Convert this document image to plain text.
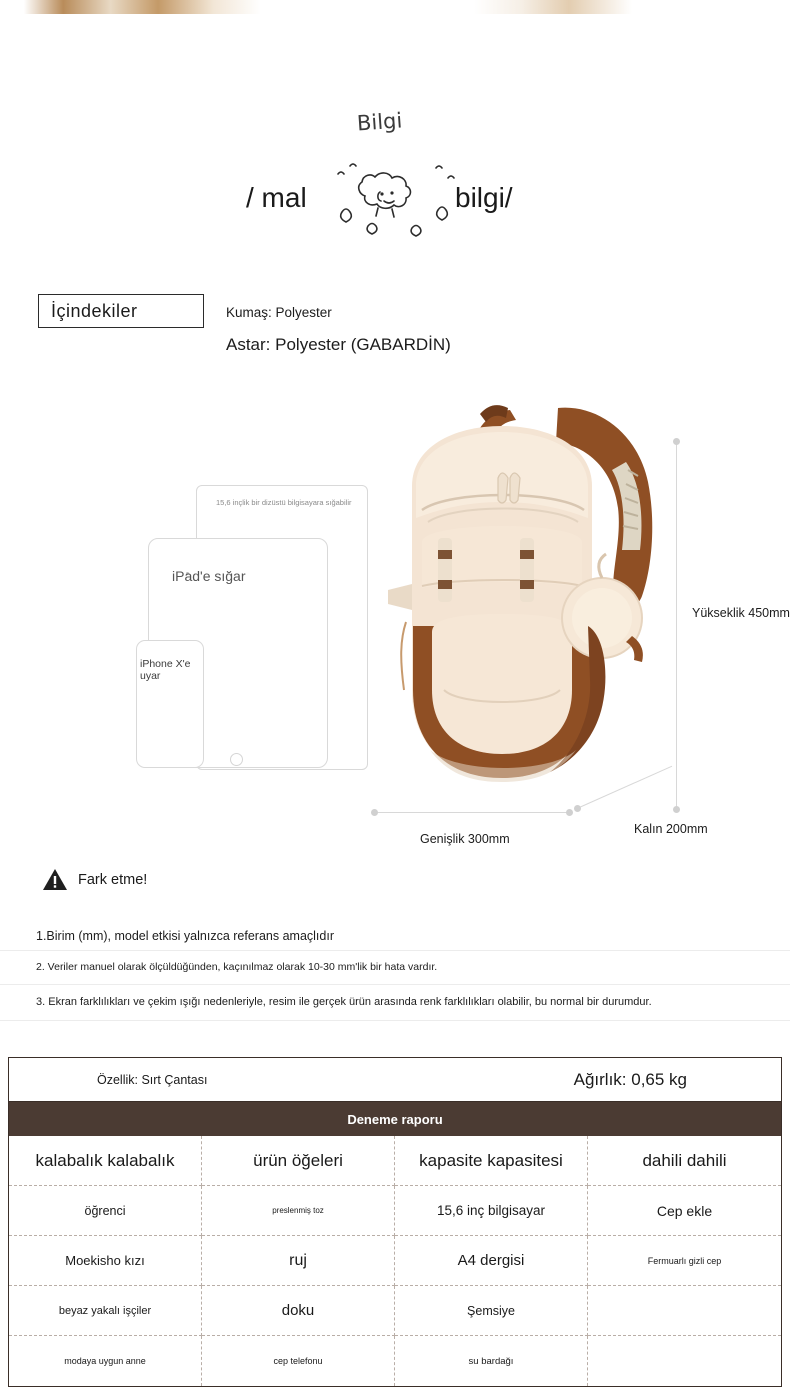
Bilgi
/ mal	bilgi/
İçindekiler	Kumaş: Polyester
Astar: Polyester (GABARDİN)
15,6 inçlik bir dizüstü bilgisayara sığabilir
iPad'e sığar
iPhone X'e uyar
Yükseklik 450mm
Genişlik 300mm
Kalın 200mm
Fark etme!
1.Birim (mm), model etkisi yalnızca referans amaçlıdır
2. Veriler manuel olarak ölçüldüğünden, kaçınılmaz olarak 10-30 mm'lik bir hata vardır.
3. Ekran farklılıkları ve çekim ışığı nedenleriyle, resim ile gerçek ürün arasında renk farklılıkları olabilir, bu normal bir durumdur.
Özellik: Sırt Çantası	Ağırlık: 0,65 kg
Deneme raporu
kalabalık kalabalık	ürün öğeleri	kapasite kapasitesi	dahili dahili
öğrenci	preslenmiş toz	15,6 inç bilgisayar	Cep ekle
Moekisho kızı	ruj	A4 dergisi	Fermuarlı gizli cep
beyaz yakalı işçiler	doku	Şemsiye
modaya uygun anne	cep telefonu	su bardağı
